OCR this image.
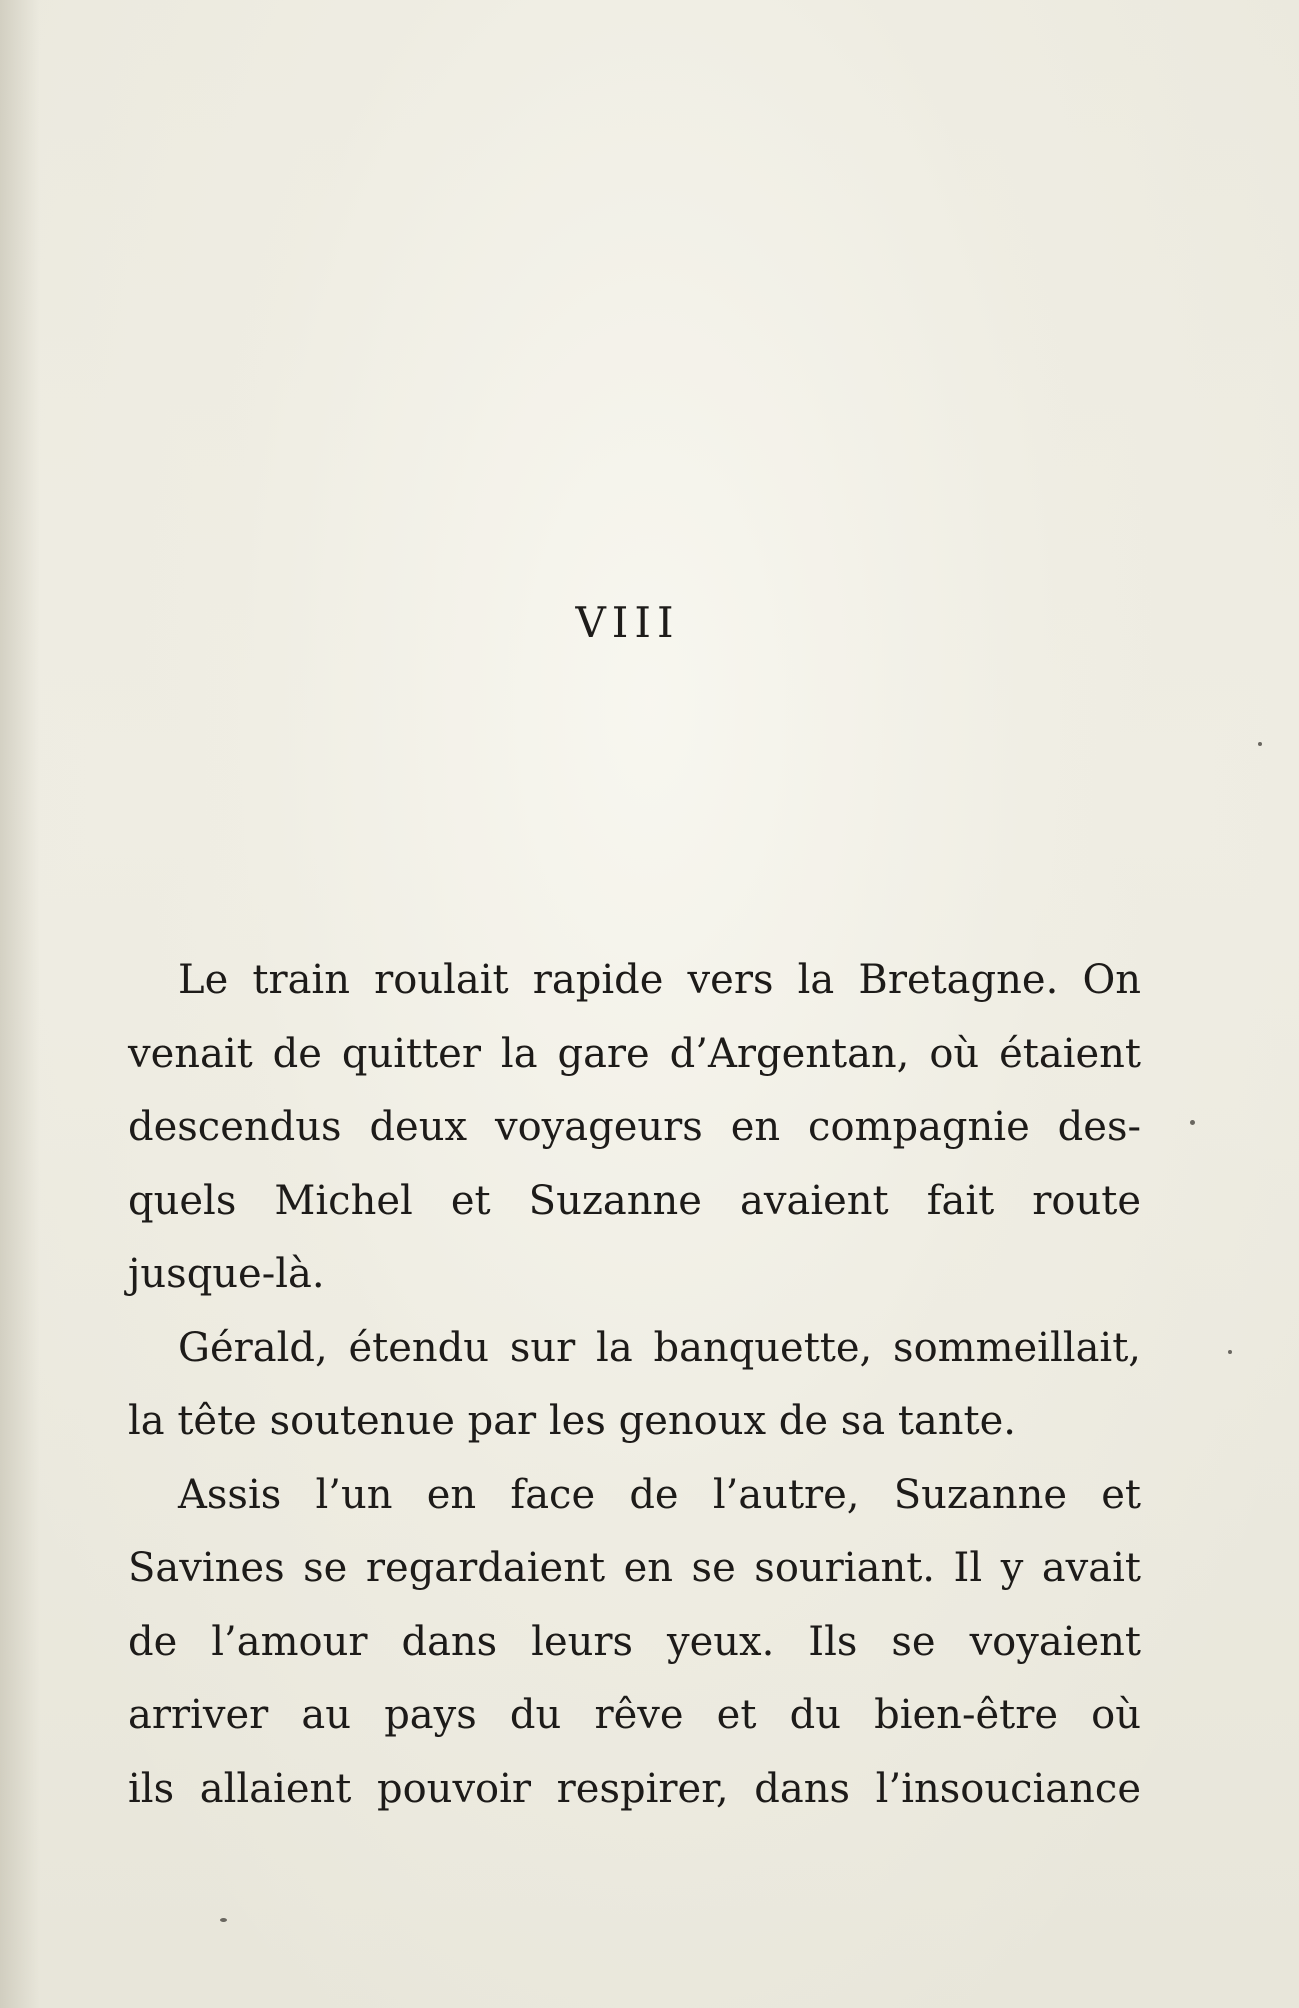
VIII
Le train roulait rapide vers la Bretagne. On
venait de quitter la gare d’Argentan, où étaient
descendus deux voyageurs en compagnie des-
quels Michel et Suzanne avaient fait route
jusque-là.
Gérald, étendu sur la banquette, sommeillait,
la tête soutenue par les genoux de sa tante.
Assis l’un en face de l’autre, Suzanne et
Savines se regardaient en se souriant. Il y avait
de l’amour dans leurs yeux. Ils se voyaient
arriver au pays du rêve et du bien-être où
ils allaient pouvoir respirer, dans l’insouciance
